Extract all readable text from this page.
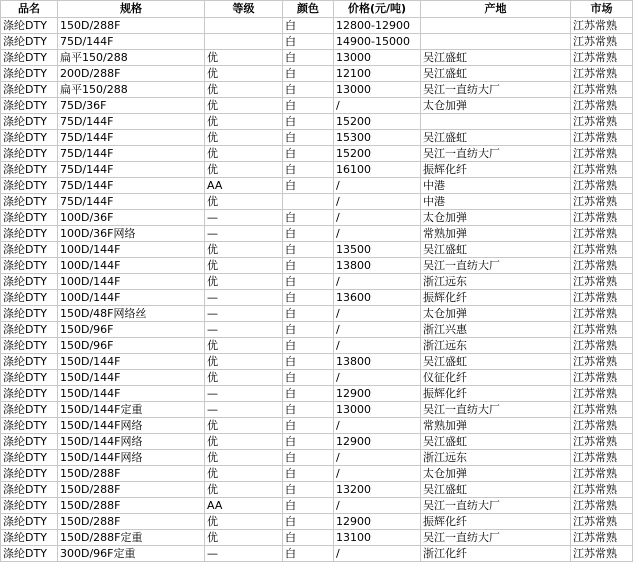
品名	规格	等级	颜色	价格(元/吨)	产地	市场
涤纶DTY	150D/288F		白	12800-12900		江苏常熟
涤纶DTY	75D/144F		白	14900-15000		江苏常熟
涤纶DTY	扁平150/288	优	白	13000	吴江盛虹	江苏常熟
涤纶DTY	200D/288F	优	白	12100	吴江盛虹	江苏常熟
涤纶DTY	扁平150/288	优	白	13000	吴江一直纺大厂	江苏常熟
涤纶DTY	75D/36F	优	白	/	太仓加弹	江苏常熟
涤纶DTY	75D/144F	优	白	15200		江苏常熟
涤纶DTY	75D/144F	优	白	15300	吴江盛虹	江苏常熟
涤纶DTY	75D/144F	优	白	15200	吴江一直纺大厂	江苏常熟
涤纶DTY	75D/144F	优	白	16100	振辉化纤	江苏常熟
涤纶DTY	75D/144F	AA	白	/	中港	江苏常熟
涤纶DTY	75D/144F	优		/	中港	江苏常熟
涤纶DTY	100D/36F	—	白	/	太仓加弹	江苏常熟
涤纶DTY	100D/36F网络	—	白	/	常熟加弹	江苏常熟
涤纶DTY	100D/144F	优	白	13500	吴江盛虹	江苏常熟
涤纶DTY	100D/144F	优	白	13800	吴江一直纺大厂	江苏常熟
涤纶DTY	100D/144F	优	白	/	浙江远东	江苏常熟
涤纶DTY	100D/144F	—	白	13600	振辉化纤	江苏常熟
涤纶DTY	150D/48F网络丝	—	白	/	太仓加弹	江苏常熟
涤纶DTY	150D/96F	—	白	/	浙江兴惠	江苏常熟
涤纶DTY	150D/96F	优	白	/	浙江远东	江苏常熟
涤纶DTY	150D/144F	优	白	13800	吴江盛虹	江苏常熟
涤纶DTY	150D/144F	优	白	/	仪征化纤	江苏常熟
涤纶DTY	150D/144F	—	白	12900	振辉化纤	江苏常熟
涤纶DTY	150D/144F定重	—	白	13000	吴江一直纺大厂	江苏常熟
涤纶DTY	150D/144F网络	优	白	/	常熟加弹	江苏常熟
涤纶DTY	150D/144F网络	优	白	12900	吴江盛虹	江苏常熟
涤纶DTY	150D/144F网络	优	白	/	浙江远东	江苏常熟
涤纶DTY	150D/288F	优	白	/	太仓加弹	江苏常熟
涤纶DTY	150D/288F	优	白	13200	吴江盛虹	江苏常熟
涤纶DTY	150D/288F	AA	白	/	吴江一直纺大厂	江苏常熟
涤纶DTY	150D/288F	优	白	12900	振辉化纤	江苏常熟
涤纶DTY	150D/288F定重	优	白	13100	吴江一直纺大厂	江苏常熟
涤纶DTY	300D/96F定重	—	白	/	浙江化纤	江苏常熟
